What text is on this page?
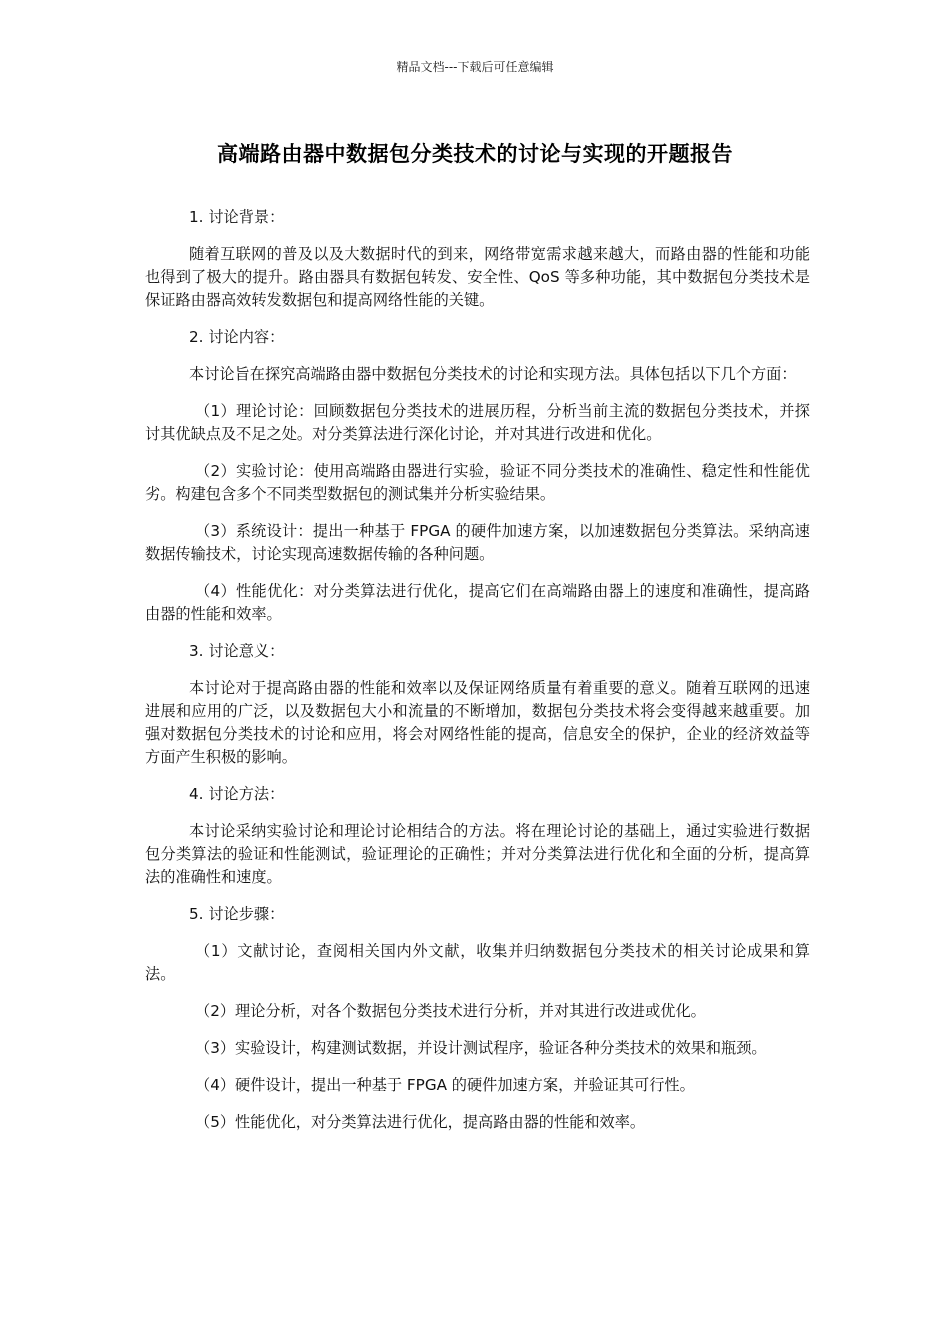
精品文档---下载后可任意编辑
高端路由器中数据包分类技术的讨论与实现的开题报告

1. 讨论背景：

随着互联网的普及以及大数据时代的到来，网络带宽需求越来越大，而路由器的性能和功能也得到了极大的提升。路由器具有数据包转发、安全性、QoS 等多种功能，其中数据包分类技术是保证路由器高效转发数据包和提高网络性能的关键。

2. 讨论内容：

本讨论旨在探究高端路由器中数据包分类技术的讨论和实现方法。具体包括以下几个方面：

（1）理论讨论：回顾数据包分类技术的进展历程，分析当前主流的数据包分类技术，并探讨其优缺点及不足之处。对分类算法进行深化讨论，并对其进行改进和优化。

（2）实验讨论：使用高端路由器进行实验，验证不同分类技术的准确性、稳定性和性能优劣。构建包含多个不同类型数据包的测试集并分析实验结果。

（3）系统设计：提出一种基于 FPGA 的硬件加速方案，以加速数据包分类算法。采纳高速数据传输技术，讨论实现高速数据传输的各种问题。

（4）性能优化：对分类算法进行优化，提高它们在高端路由器上的速度和准确性，提高路由器的性能和效率。

3. 讨论意义：

本讨论对于提高路由器的性能和效率以及保证网络质量有着重要的意义。随着互联网的迅速进展和应用的广泛，以及数据包大小和流量的不断增加，数据包分类技术将会变得越来越重要。加强对数据包分类技术的讨论和应用，将会对网络性能的提高，信息安全的保护，企业的经济效益等方面产生积极的影响。

4. 讨论方法：

本讨论采纳实验讨论和理论讨论相结合的方法。将在理论讨论的基础上，通过实验进行数据包分类算法的验证和性能测试，验证理论的正确性；并对分类算法进行优化和全面的分析，提高算法的准确性和速度。

5. 讨论步骤：

（1）文献讨论，查阅相关国内外文献，收集并归纳数据包分类技术的相关讨论成果和算法。

（2）理论分析，对各个数据包分类技术进行分析，并对其进行改进或优化。

（3）实验设计，构建测试数据，并设计测试程序，验证各种分类技术的效果和瓶颈。

（4）硬件设计，提出一种基于 FPGA 的硬件加速方案，并验证其可行性。

（5）性能优化，对分类算法进行优化，提高路由器的性能和效率。
